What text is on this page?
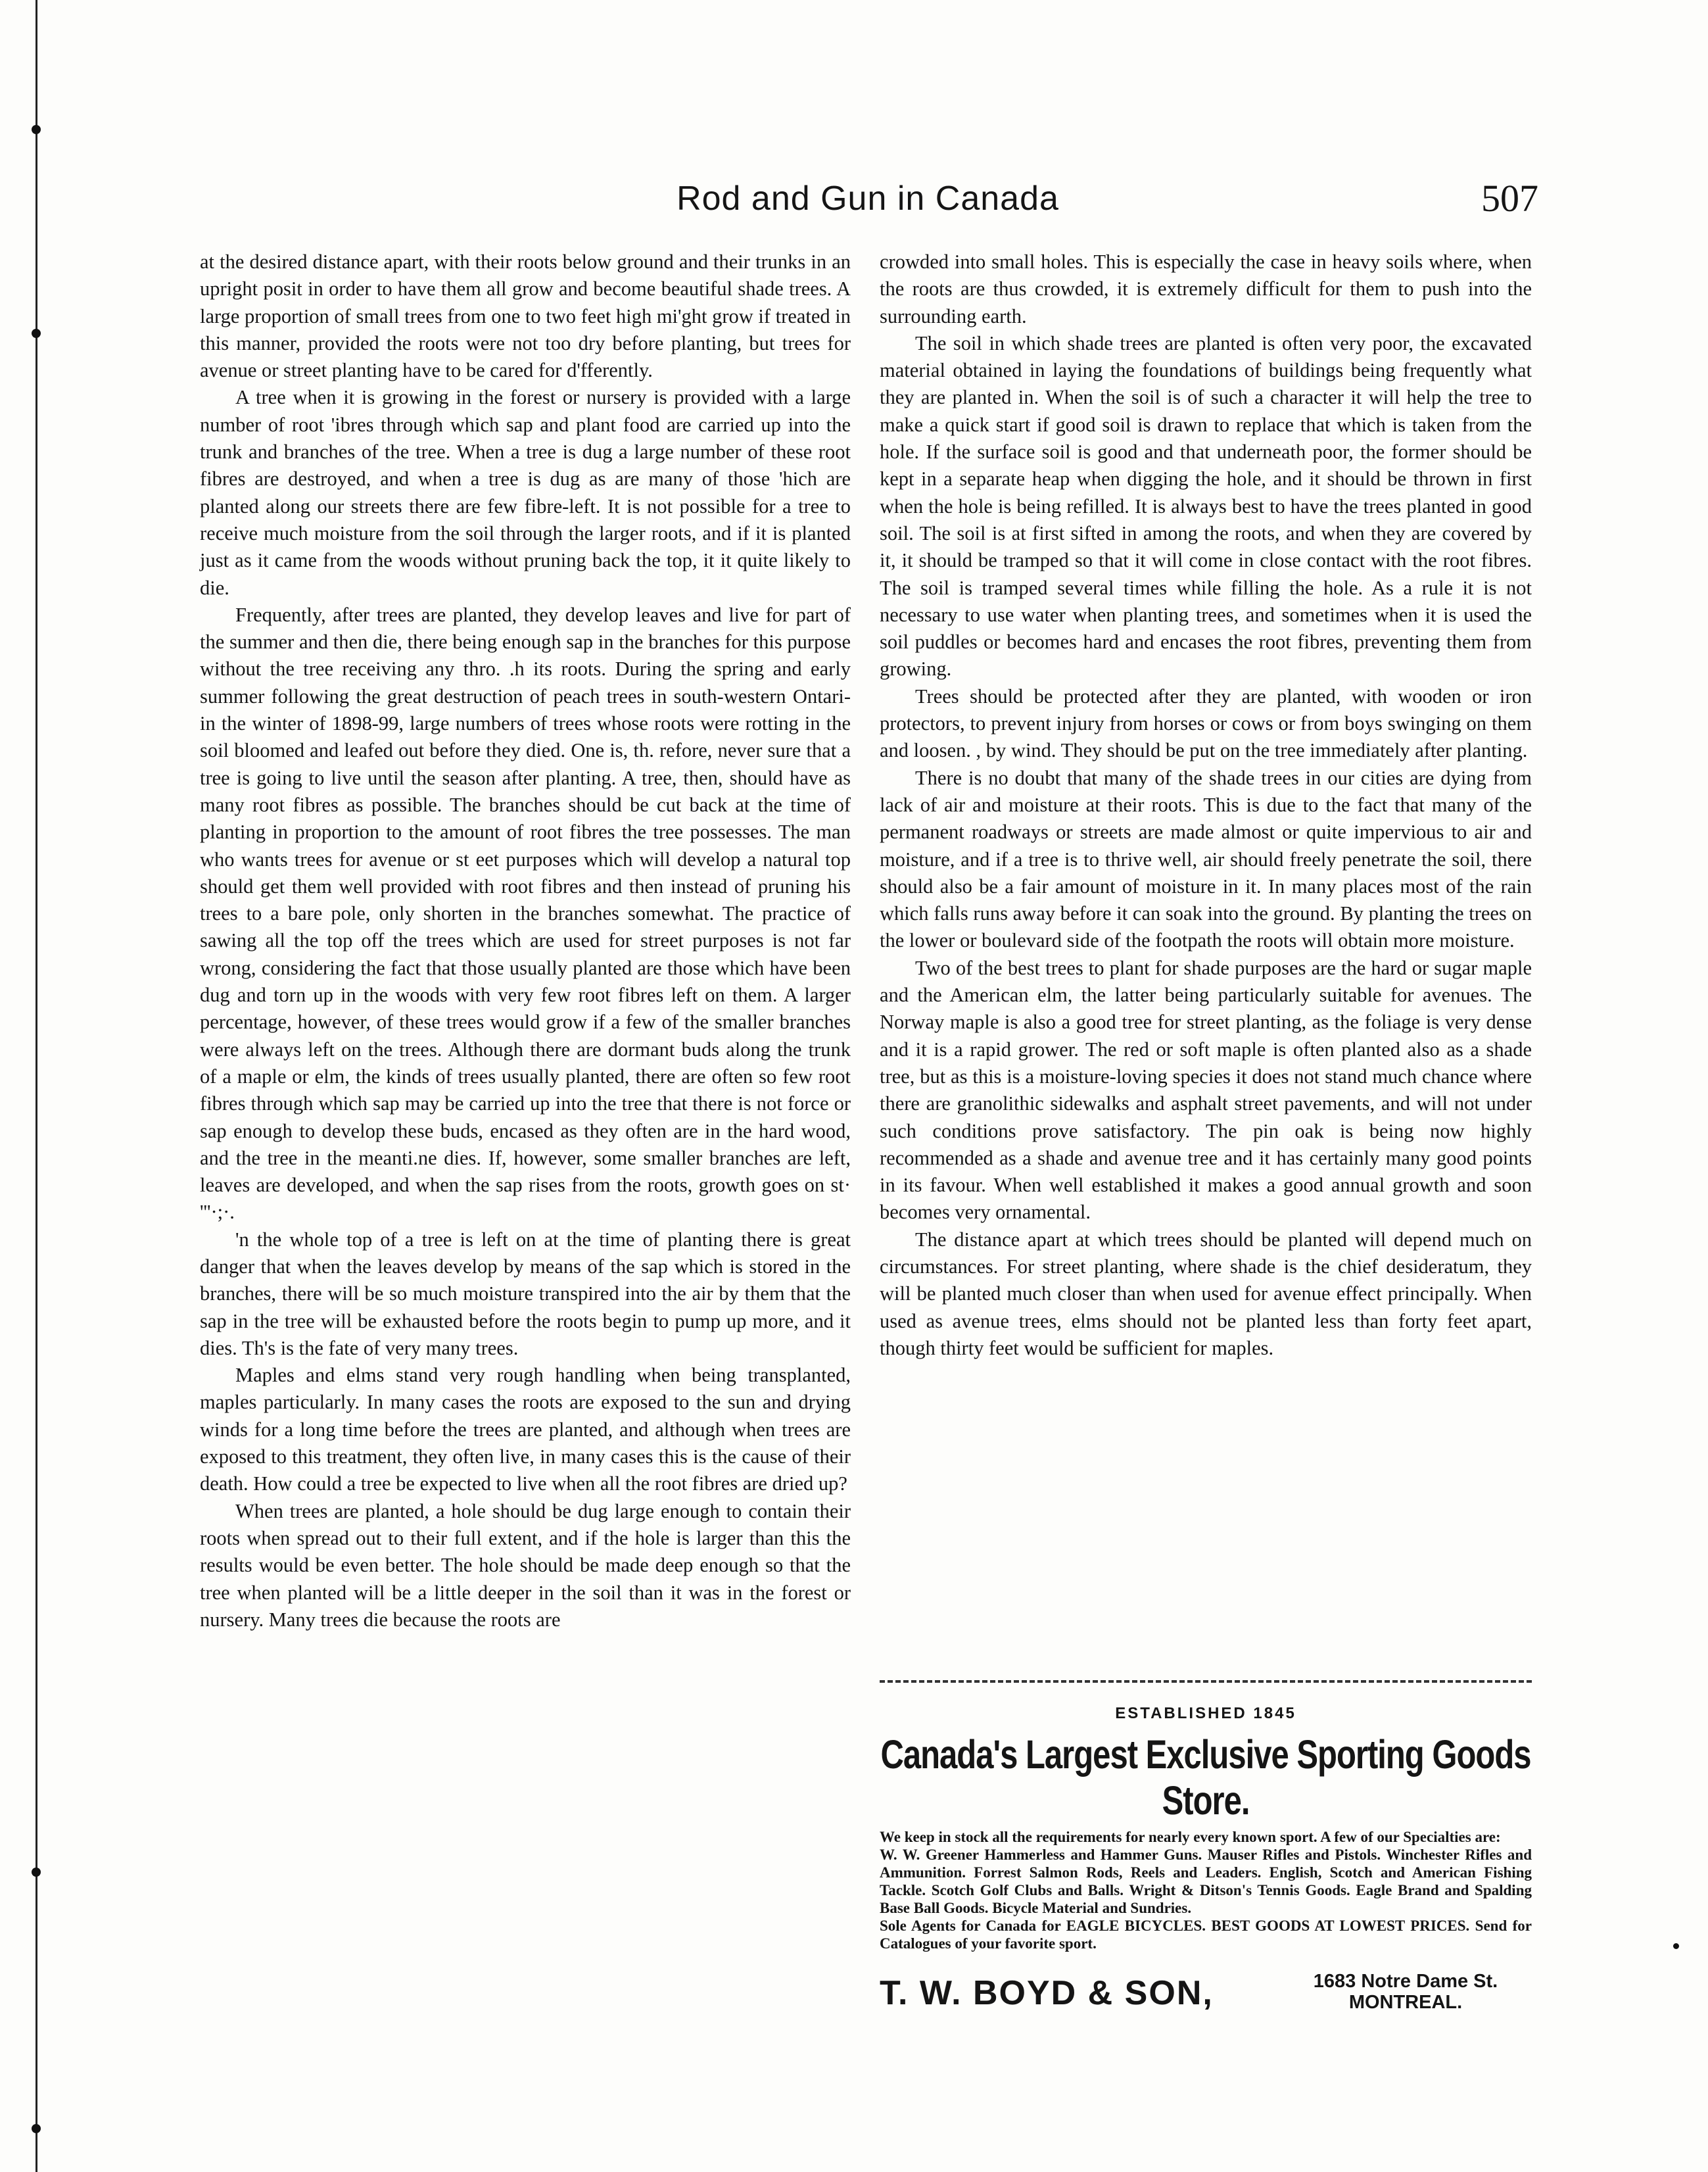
Rod and Gun in Canada	507

at the desired distance apart, with their roots below ground and their trunks in an upright posit in order to have them all grow and become beautiful shade trees. A large proportion of small trees from one to two feet high mi'ght grow if treated in this manner, provided the roots were not too dry before planting, but trees for avenue or street planting have to be cared for d'fferently.

A tree when it is growing in the forest or nursery is provided with a large number of root 'ibres through which sap and plant food are carried up into the trunk and branches of the tree. When a tree is dug a large number of these root fibres are destroyed, and when a tree is dug as are many of those 'hich are planted along our streets there are few fibre-left. It is not possible for a tree to receive much moisture from the soil through the larger roots, and if it is planted just as it came from the woods without pruning back the top, it it quite likely to die.

Frequently, after trees are planted, they develop leaves and live for part of the summer and then die, there being enough sap in the branches for this purpose without the tree receiving any thro. .h its roots. During the spring and early summer following the great destruction of peach trees in south-western Ontari- in the winter of 1898-99, large numbers of trees whose roots were rotting in the soil bloomed and leafed out before they died. One is, th. refore, never sure that a tree is going to live until the season after planting. A tree, then, should have as many root fibres as possible. The branches should be cut back at the time of planting in proportion to the amount of root fibres the tree possesses. The man who wants trees for avenue or st eet purposes which will develop a natural top should get them well provided with root fibres and then instead of pruning his trees to a bare pole, only shorten in the branches somewhat. The practice of sawing all the top off the trees which are used for street purposes is not far wrong, considering the fact that those usually planted are those which have been dug and torn up in the woods with very few root fibres left on them. A larger percentage, however, of these trees would grow if a few of the smaller branches were always left on the trees. Although there are dormant buds along the trunk of a maple or elm, the kinds of trees usually planted, there are often so few root fibres through which sap may be carried up into the tree that there is not force or sap enough to develop these buds, encased as they often are in the hard wood, and the tree in the meanti.ne dies. If, however, some smaller branches are left, leaves are developed, and when the sap rises from the roots, growth goes on st· '''·;·.

'n the whole top of a tree is left on at the time of planting there is great danger that when the leaves develop by means of the sap which is stored in the branches, there will be so much moisture transpired into the air by them that the sap in the tree will be exhausted before the roots begin to pump up more, and it dies. Th's is the fate of very many trees.

Maples and elms stand very rough handling when being transplanted, maples particularly. In many cases the roots are exposed to the sun and drying winds for a long time before the trees are planted, and although when trees are exposed to this treatment, they often live, in many cases this is the cause of their death. How could a tree be expected to live when all the root fibres are dried up?

When trees are planted, a hole should be dug large enough to contain their roots when spread out to their full extent, and if the hole is larger than this the results would be even better. The hole should be made deep enough so that the tree when planted will be a little deeper in the soil than it was in the forest or nursery. Many trees die because the roots are

crowded into small holes. This is especially the case in heavy soils where, when the roots are thus crowded, it is extremely difficult for them to push into the surrounding earth.

The soil in which shade trees are planted is often very poor, the excavated material obtained in laying the foundations of buildings being frequently what they are planted in. When the soil is of such a character it will help the tree to make a quick start if good soil is drawn to replace that which is taken from the hole. If the surface soil is good and that underneath poor, the former should be kept in a separate heap when digging the hole, and it should be thrown in first when the hole is being refilled. It is always best to have the trees planted in good soil. The soil is at first sifted in among the roots, and when they are covered by it, it should be tramped so that it will come in close contact with the root fibres. The soil is tramped several times while filling the hole. As a rule it is not necessary to use water when planting trees, and sometimes when it is used the soil puddles or becomes hard and encases the root fibres, preventing them from growing.

Trees should be protected after they are planted, with wooden or iron protectors, to prevent injury from horses or cows or from boys swinging on them and loosen. , by wind. They should be put on the tree immediately after planting.

There is no doubt that many of the shade trees in our cities are dying from lack of air and moisture at their roots. This is due to the fact that many of the permanent roadways or streets are made almost or quite impervious to air and moisture, and if a tree is to thrive well, air should freely penetrate the soil, there should also be a fair amount of moisture in it. In many places most of the rain which falls runs away before it can soak into the ground. By planting the trees on the lower or boulevard side of the footpath the roots will obtain more moisture.

Two of the best trees to plant for shade purposes are the hard or sugar maple and the American elm, the latter being particularly suitable for avenues. The Norway maple is also a good tree for street planting, as the foliage is very dense and it is a rapid grower. The red or soft maple is often planted also as a shade tree, but as this is a moisture-loving species it does not stand much chance where there are granolithic sidewalks and asphalt street pavements, and will not under such conditions prove satisfactory. The pin oak is being now highly recommended as a shade and avenue tree and it has certainly many good points in its favour. When well established it makes a good annual growth and soon becomes very ornamental.

The distance apart at which trees should be planted will depend much on circumstances. For street planting, where shade is the chief desideratum, they will be planted much closer than when used for avenue effect principally. When used as avenue trees, elms should not be planted less than forty feet apart, though thirty feet would be sufficient for maples.

ESTABLISHED 1845
Canada's Largest Exclusive Sporting Goods Store.

We keep in stock all the requirements for nearly every known sport. A few of our Specialties are:

W. W. Greener Hammerless and Hammer Guns. Mauser Rifles and Pistols. Winchester Rifles and Ammunition. Forrest Salmon Rods, Reels and Leaders. English, Scotch and American Fishing Tackle. Scotch Golf Clubs and Balls. Wright & Ditson's Tennis Goods. Eagle Brand and Spalding Base Ball Goods. Bicycle Material and Sundries.

Sole Agents for Canada for EAGLE BICYCLES. BEST GOODS AT LOWEST PRICES. Send for Catalogues of your favorite sport.

T. W. BOYD & SON,	1683 Notre Dame St.
MONTREAL.
